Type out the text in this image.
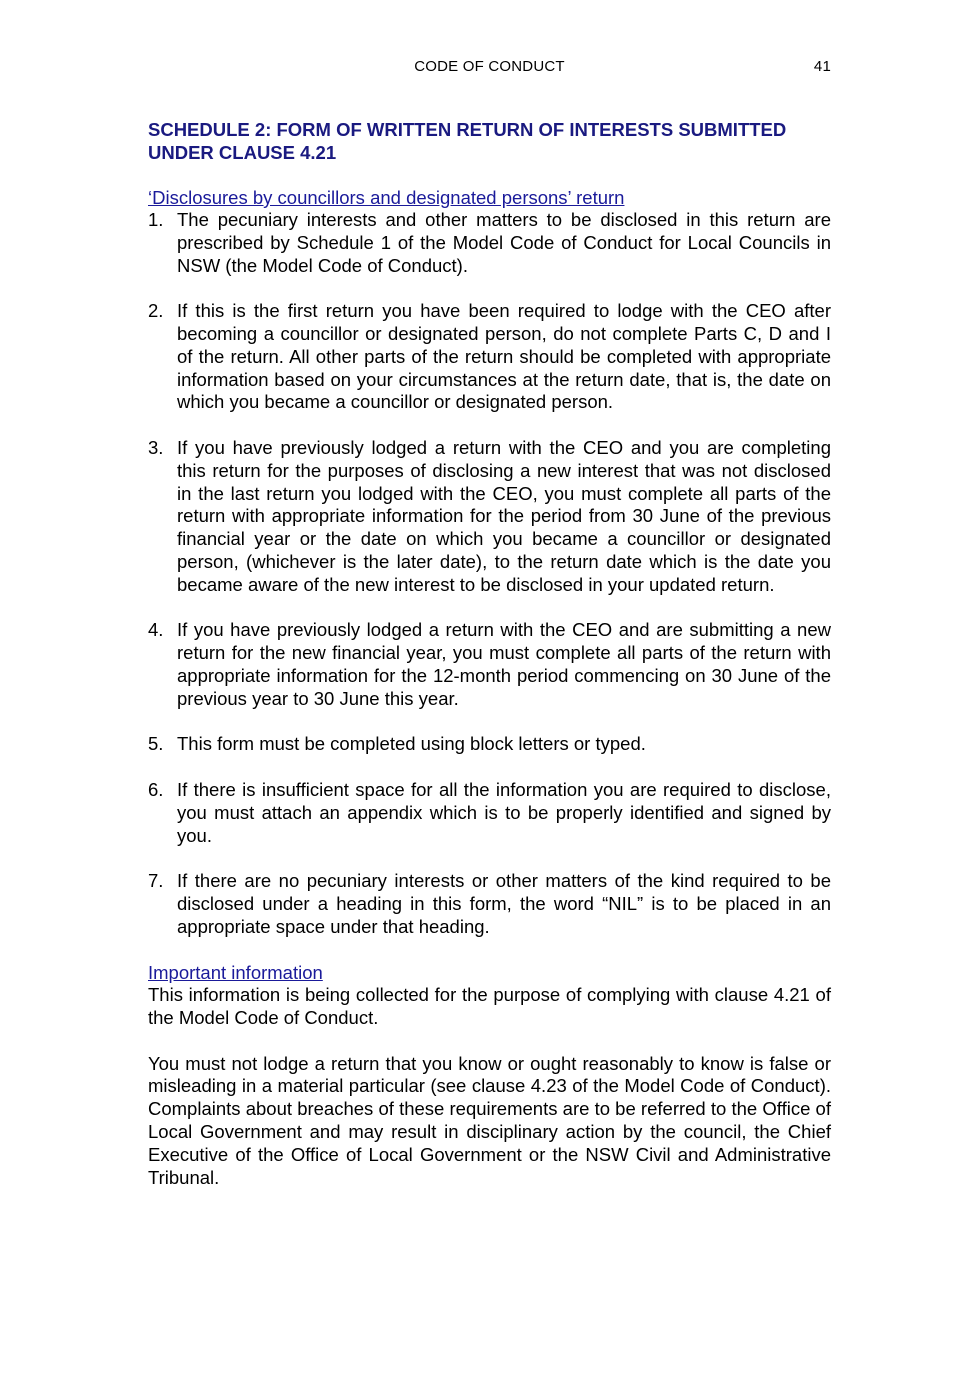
CODE OF CONDUCT	41
SCHEDULE 2: FORM OF WRITTEN RETURN OF INTERESTS SUBMITTED UNDER CLAUSE 4.21
‘Disclosures by councillors and designated persons’ return
1. The pecuniary interests and other matters to be disclosed in this return are prescribed by Schedule 1 of the Model Code of Conduct for Local Councils in NSW (the Model Code of Conduct).
2. If this is the first return you have been required to lodge with the CEO after becoming a councillor or designated person, do not complete Parts C, D and I of the return. All other parts of the return should be completed with appropriate information based on your circumstances at the return date, that is, the date on which you became a councillor or designated person.
3. If you have previously lodged a return with the CEO and you are completing this return for the purposes of disclosing a new interest that was not disclosed in the last return you lodged with the CEO, you must complete all parts of the return with appropriate information for the period from 30 June of the previous financial year or the date on which you became a councillor or designated person, (whichever is the later date), to the return date which is the date you became aware of the new interest to be disclosed in your updated return.
4. If you have previously lodged a return with the CEO and are submitting a new return for the new financial year, you must complete all parts of the return with appropriate information for the 12-month period commencing on 30 June of the previous year to 30 June this year.
5. This form must be completed using block letters or typed.
6. If there is insufficient space for all the information you are required to disclose, you must attach an appendix which is to be properly identified and signed by you.
7. If there are no pecuniary interests or other matters of the kind required to be disclosed under a heading in this form, the word “NIL” is to be placed in an appropriate space under that heading.
Important information

This information is being collected for the purpose of complying with clause 4.21 of the Model Code of Conduct.

You must not lodge a return that you know or ought reasonably to know is false or misleading in a material particular (see clause 4.23 of the Model Code of Conduct). Complaints about breaches of these requirements are to be referred to the Office of Local Government and may result in disciplinary action by the council, the Chief Executive of the Office of Local Government or the NSW Civil and Administrative Tribunal.
